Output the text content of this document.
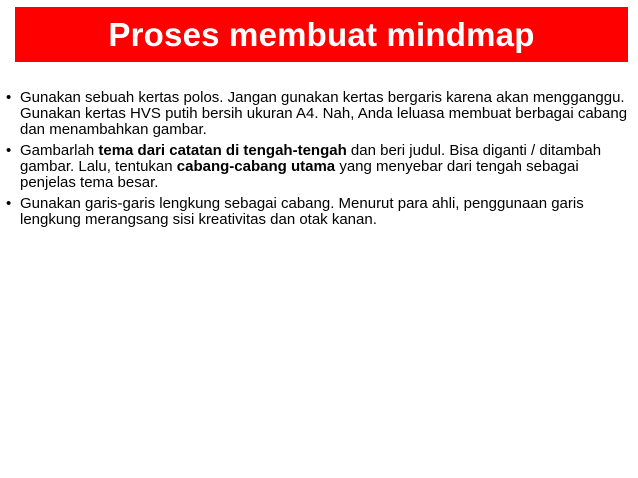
Proses membuat mindmap
• Gunakan sebuah kertas polos. Jangan gunakan kertas bergaris karena akan mengganggu. Gunakan kertas HVS putih bersih ukuran A4. Nah, Anda leluasa membuat berbagai cabang dan menambahkan gambar.
• Gambarlah tema dari catatan di tengah-tengah dan beri judul. Bisa diganti / ditambah gambar. Lalu, tentukan cabang-cabang utama yang menyebar dari tengah sebagai penjelas tema besar.
• Gunakan garis-garis lengkung sebagai cabang. Menurut para ahli, penggunaan garis lengkung merangsang sisi kreativitas dan otak kanan.
